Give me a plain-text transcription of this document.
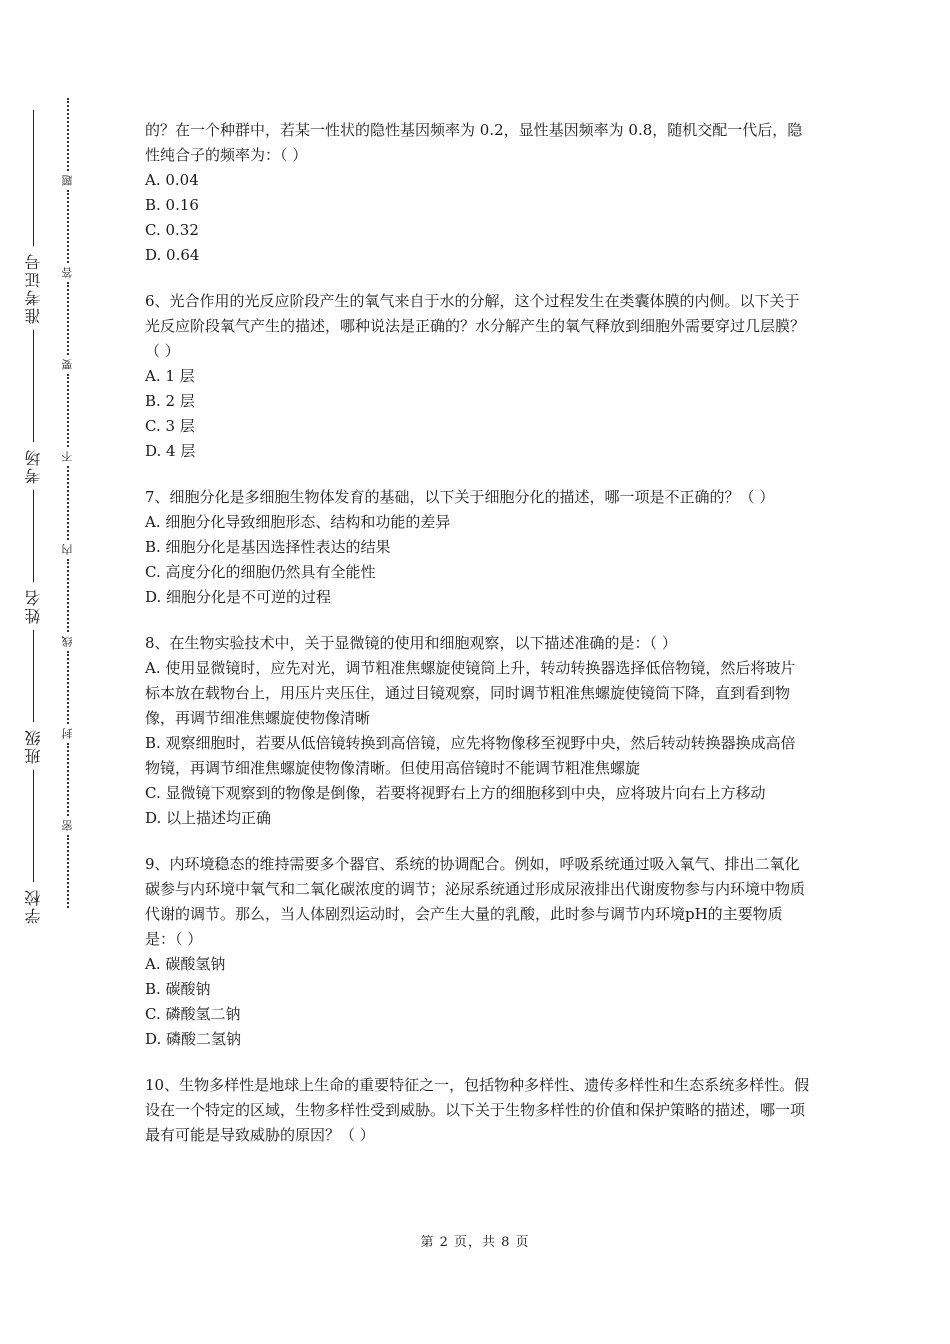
学校
班级
姓名
考场
准考证号
密
封
线
内
不
要
答
题

的？在一个种群中，若某一性状的隐性基因频率为 0.2，显性基因频率为 0.8，随机交配一代后，隐性纯合子的频率为：（ ）

A. 0.04

B. 0.16

C. 0.32

D. 0.64

6、光合作用的光反应阶段产生的氧气来自于水的分解，这个过程发生在类囊体膜的内侧。以下关于光反应阶段氧气产生的描述，哪种说法是正确的？水分解产生的氧气释放到细胞外需要穿过几层膜？（ ）

A. 1 层

B. 2 层

C. 3 层

D. 4 层

7、细胞分化是多细胞生物体发育的基础，以下关于细胞分化的描述，哪一项是不正确的？（ ）

A. 细胞分化导致细胞形态、结构和功能的差异

B. 细胞分化是基因选择性表达的结果

C. 高度分化的细胞仍然具有全能性

D. 细胞分化是不可逆的过程

8、在生物实验技术中，关于显微镜的使用和细胞观察，以下描述准确的是：（ ）

A. 使用显微镜时，应先对光，调节粗准焦螺旋使镜筒上升，转动转换器选择低倍物镜，然后将玻片标本放在载物台上，用压片夹压住，通过目镜观察，同时调节粗准焦螺旋使镜筒下降，直到看到物像，再调节细准焦螺旋使物像清晰

B. 观察细胞时，若要从低倍镜转换到高倍镜，应先将物像移至视野中央，然后转动转换器换成高倍物镜，再调节细准焦螺旋使物像清晰。但使用高倍镜时不能调节粗准焦螺旋

C. 显微镜下观察到的物像是倒像，若要将视野右上方的细胞移到中央，应将玻片向右上方移动

D. 以上描述均正确

9、内环境稳态的维持需要多个器官、系统的协调配合。例如，呼吸系统通过吸入氧气、排出二氧化碳参与内环境中氧气和二氧化碳浓度的调节；泌尿系统通过形成尿液排出代谢废物参与内环境中物质代谢的调节。那么，当人体剧烈运动时，会产生大量的乳酸，此时参与调节内环境pH的主要物质是：（ ）

A. 碳酸氢钠

B. 碳酸钠

C. 磷酸氢二钠

D. 磷酸二氢钠

10、生物多样性是地球上生命的重要特征之一，包括物种多样性、遗传多样性和生态系统多样性。假设在一个特定的区域，生物多样性受到威胁。以下关于生物多样性的价值和保护策略的描述，哪一项最有可能是导致威胁的原因？（ ）

第 2 页，共 8 页
